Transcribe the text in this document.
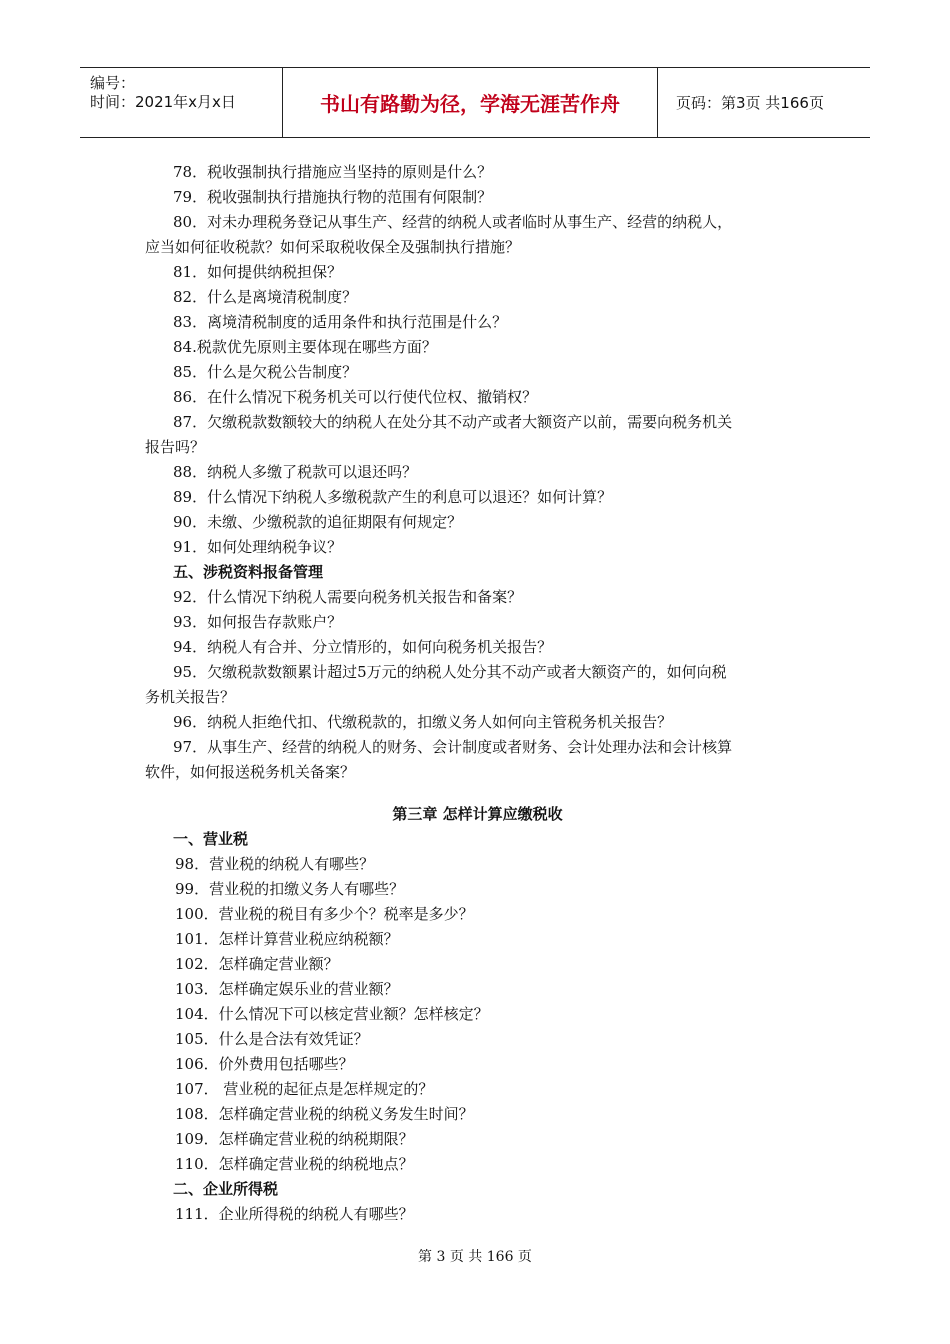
编号：
时间：2021年x月x日	书山有路勤为径，学海无涯苦作舟	页码：第3页 共166页
78．税收强制执行措施应当坚持的原则是什么？
79．税收强制执行措施执行物的范围有何限制？
80．对未办理税务登记从事生产、经营的纳税人或者临时从事生产、经营的纳税人，
应当如何征收税款？如何采取税收保全及强制执行措施？
81．如何提供纳税担保？
82．什么是离境清税制度？
83．离境清税制度的适用条件和执行范围是什么？
84.税款优先原则主要体现在哪些方面？
85．什么是欠税公告制度？
86．在什么情况下税务机关可以行使代位权、撤销权？
87．欠缴税款数额较大的纳税人在处分其不动产或者大额资产以前，需要向税务机关
报告吗？
88．纳税人多缴了税款可以退还吗？
89．什么情况下纳税人多缴税款产生的利息可以退还？如何计算？
90．未缴、少缴税款的追征期限有何规定？
91．如何处理纳税争议？
五、涉税资料报备管理
92．什么情况下纳税人需要向税务机关报告和备案？
93．如何报告存款账户？
94．纳税人有合并、分立情形的，如何向税务机关报告？
95．欠缴税款数额累计超过5万元的纳税人处分其不动产或者大额资产的，如何向税
务机关报告？
96．纳税人拒绝代扣、代缴税款的，扣缴义务人如何向主管税务机关报告？
97．从事生产、经营的纳税人的财务、会计制度或者财务、会计处理办法和会计核算
软件，如何报送税务机关备案？
第三章 怎样计算应缴税收
一、营业税
98．营业税的纳税人有哪些？
99．营业税的扣缴义务人有哪些？
100．营业税的税目有多少个？税率是多少？
101．怎样计算营业税应纳税额？
102．怎样确定营业额？
103．怎样确定娱乐业的营业额？
104．什么情况下可以核定营业额？怎样核定？
105．什么是合法有效凭证？
106．价外费用包括哪些？
107． 营业税的起征点是怎样规定的？
108．怎样确定营业税的纳税义务发生时间？
109．怎样确定营业税的纳税期限？
110．怎样确定营业税的纳税地点？
二、企业所得税
111．企业所得税的纳税人有哪些？
第 3 页 共 166 页
